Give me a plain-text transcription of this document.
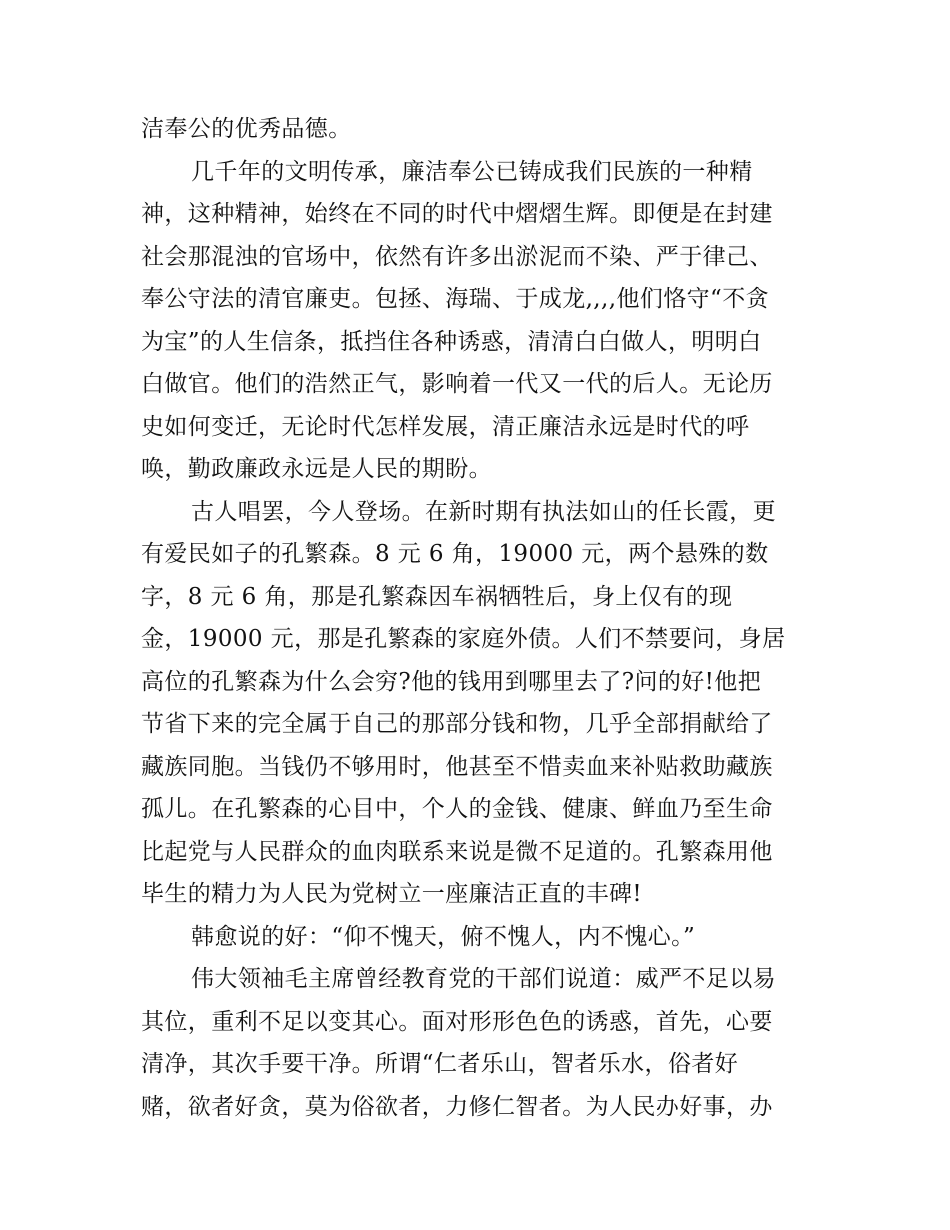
洁奉公的优秀品德。
几千年的文明传承，廉洁奉公已铸成我们民族的一种精
神，这种精神，始终在不同的时代中熠熠生辉。即便是在封建
社会那混浊的官场中，依然有许多出淤泥而不染、严于律己、
奉公守法的清官廉吏。包拯、海瑞、于成龙,,,,他们恪守“不贪
为宝”的人生信条，抵挡住各种诱惑，清清白白做人，明明白
白做官。他们的浩然正气，影响着一代又一代的后人。无论历
史如何变迁，无论时代怎样发展，清正廉洁永远是时代的呼
唤，勤政廉政永远是人民的期盼。
古人唱罢，今人登场。在新时期有执法如山的任长霞，更
有爱民如子的孔繁森。8 元 6 角，19000 元，两个悬殊的数
字，8 元 6 角，那是孔繁森因车祸牺牲后，身上仅有的现
金，19000 元，那是孔繁森的家庭外债。人们不禁要问，身居
高位的孔繁森为什么会穷?他的钱用到哪里去了?问的好!他把
节省下来的完全属于自己的那部分钱和物，几乎全部捐献给了
藏族同胞。当钱仍不够用时，他甚至不惜卖血来补贴救助藏族
孤儿。在孔繁森的心目中，个人的金钱、健康、鲜血乃至生命
比起党与人民群众的血肉联系来说是微不足道的。孔繁森用他
毕生的精力为人民为党树立一座廉洁正直的丰碑!
韩愈说的好：“仰不愧天，俯不愧人，内不愧心。”
伟大领袖毛主席曾经教育党的干部们说道：威严不足以易
其位，重利不足以变其心。面对形形色色的诱惑，首先，心要
清净，其次手要干净。所谓“仁者乐山，智者乐水，俗者好
赌，欲者好贪，莫为俗欲者，力修仁智者。为人民办好事，办
